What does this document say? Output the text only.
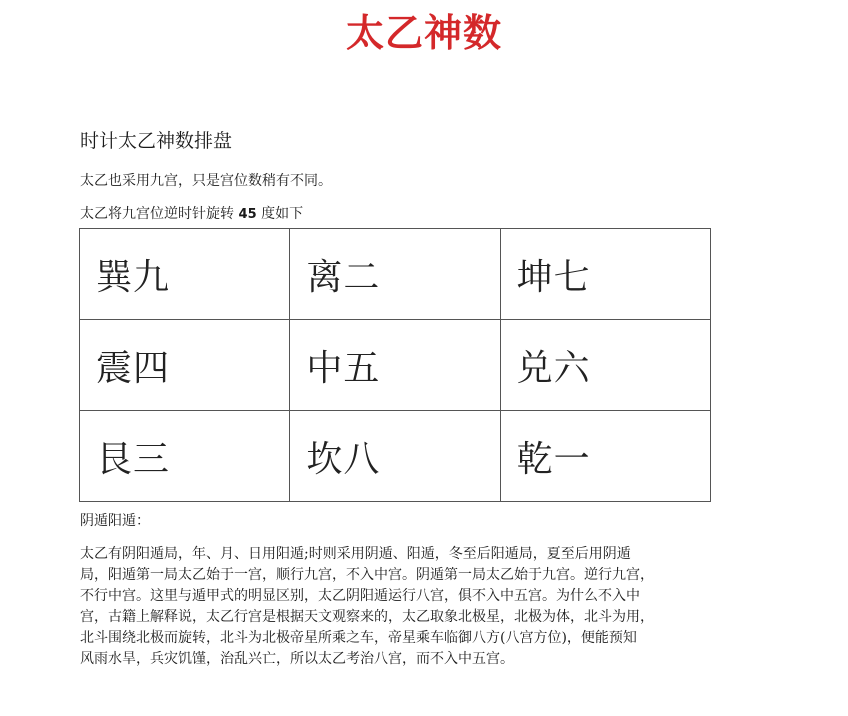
太乙神数
时计太乙神数排盘
太乙也采用九宫，只是宫位数稍有不同。
太乙将九宫位逆时针旋转 45 度如下
巽九	离二	坤七
震四	中五	兑六
艮三	坎八	乾一
阴遁阳遁：
太乙有阴阳遁局，年、月、日用阳遁;时则采用阴遁、阳遁，冬至后阳遁局，夏至后用阴遁
局，阳遁第一局太乙始于一宫，顺行九宫，不入中宫。阴遁第一局太乙始于九宫。逆行九宫，
不行中宫。这里与遁甲式的明显区别，太乙阴阳遁运行八宫，俱不入中五宫。为什么不入中
宫，古籍上解释说，太乙行宫是根据天文观察来的，太乙取象北极星，北极为体，北斗为用，
北斗围绕北极而旋转，北斗为北极帝星所乘之车，帝星乘车临御八方(八宫方位)，便能预知
风雨水旱，兵灾饥馑，治乱兴亡，所以太乙考治八宫，而不入中五宫。
